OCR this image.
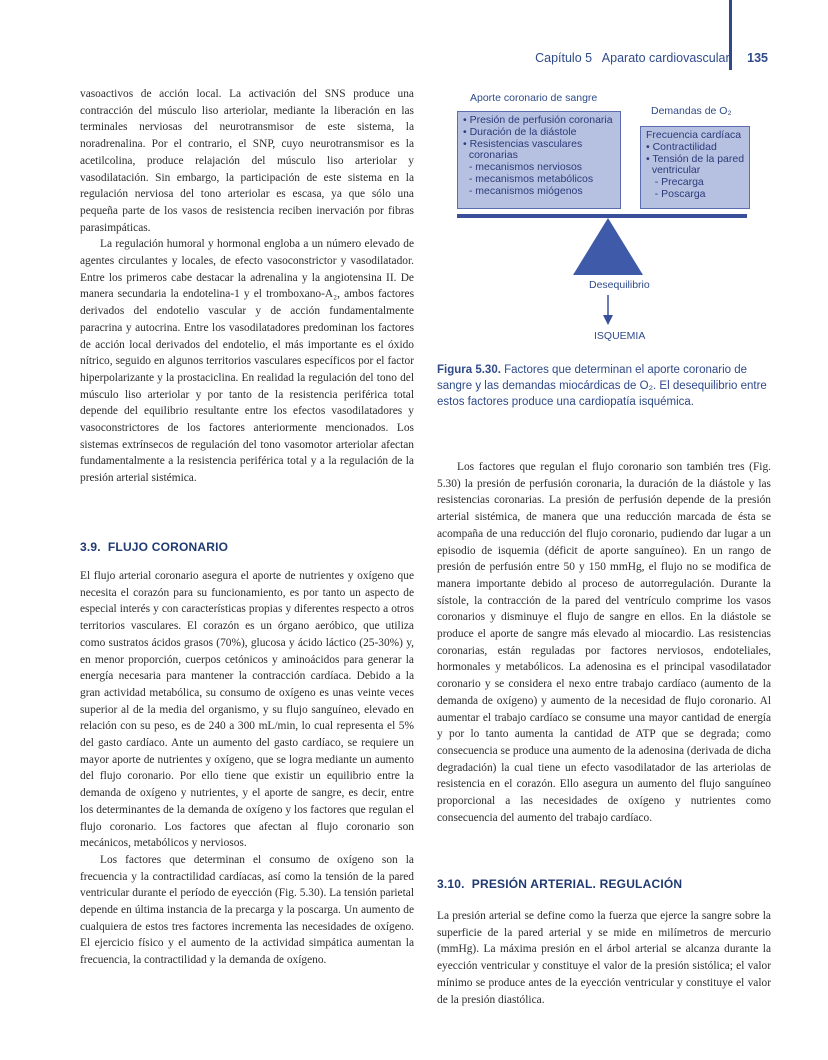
Capítulo 5   Aparato cardiovascular 135

vasoactivos de acción local. La activación del SNS produce una contracción del músculo liso arteriolar, mediante la liberación en las terminales nerviosas del neurotransmisor de este sistema, la noradrenalina. Por el contrario, el SNP, cuyo neurotransmisor es la acetilcolina, produce relajación del músculo liso arteriolar y vasodilatación. Sin embargo, la participación de este sistema en la regulación nerviosa del tono arteriolar es escasa, ya que sólo una pequeña parte de los vasos de resistencia reciben inervación por fibras parasimpáticas.

La regulación humoral y hormonal engloba a un número elevado de agentes circulantes y locales, de efecto vasoconstrictor y vasodilatador. Entre los primeros cabe destacar la adrenalina y la angiotensina II. De manera secundaria la endotelina-1 y el tromboxano-A₂, ambos factores derivados del endotelio vascular y de acción fundamentalmente paracrina y autocrina. Entre los vasodilatadores predominan los factores de acción local derivados del endotelio, el más importante es el óxido nítrico, seguido en algunos territorios vasculares específicos por el factor hiperpolarizante y la prostaciclina. En realidad la regulación del tono del músculo liso arteriolar y por tanto de la resistencia periférica total depende del equilibrio resultante entre los efectos vasodilatadores y vasoconstrictores de los factores anteriormente mencionados. Los sistemas extrínsecos de regulación del tono vasomotor arteriolar afectan fundamentalmente a la resistencia periférica total y a la regulación de la presión arterial sistémica.

3.9.  FLUJO CORONARIO

El flujo arterial coronario asegura el aporte de nutrientes y oxígeno que necesita el corazón para su funcionamiento, es por tanto un aspecto de especial interés y con características propias y diferentes respecto a otros territorios vasculares. El corazón es un órgano aeróbico, que utiliza como sustratos ácidos grasos (70%), glucosa y ácido láctico (25-30%) y, en menor proporción, cuerpos cetónicos y aminoácidos para generar la energía necesaria para mantener la contracción cardíaca. Debido a la gran actividad metabólica, su consumo de oxígeno es unas veinte veces superior al de la media del organismo, y su flujo sanguíneo, elevado en relación con su peso, es de 240 a 300 mL/min, lo cual representa el 5% del gasto cardíaco. Ante un aumento del gasto cardíaco, se requiere un mayor aporte de nutrientes y oxígeno, que se logra mediante un aumento del flujo coronario. Por ello tiene que existir un equilibrio entre la demanda de oxígeno y nutrientes, y el aporte de sangre, es decir, entre los determinantes de la demanda de oxígeno y los factores que regulan el flujo coronario. Los factores que afectan al flujo coronario son mecánicos, metabólicos y nerviosos.

Los factores que determinan el consumo de oxígeno son la frecuencia y la contractilidad cardíacas, así como la tensión de la pared ventricular durante el período de eyección (Fig. 5.30). La tensión parietal depende en última instancia de la precarga y la poscarga. Un aumento de cualquiera de estos tres factores incrementa las necesidades de oxígeno. El ejercicio físico y el aumento de la actividad simpática aumentan la frecuencia, la contractilidad y la demanda de oxígeno.

Aporte coronario de sangre
Demandas de O₂
• Presión de perfusión coronaria
• Duración de la diástole
• Resistencias vasculares
coronarias
- mecanismos nerviosos
- mecanismos metabólicos
- mecanismos miógenos
Frecuencia cardíaca
• Contractilidad
• Tensión de la pared
ventricular
- Precarga
- Poscarga
Desequilibrio
ISQUEMIA
Figura 5.30. Factores que determinan el aporte coronario de sangre y las demandas miocárdicas de O₂. El desequilibrio entre estos factores produce una cardiopatía isquémica.

Los factores que regulan el flujo coronario son también tres (Fig. 5.30) la presión de perfusión coronaria, la duración de la diástole y las resistencias coronarias. La presión de perfusión depende de la presión arterial sistémica, de manera que una reducción marcada de ésta se acompaña de una reducción del flujo coronario, pudiendo dar lugar a un episodio de isquemia (déficit de aporte sanguíneo). En un rango de presión de perfusión entre 50 y 150 mmHg, el flujo no se modifica de manera importante debido al proceso de autorregulación. Durante la sístole, la contracción de la pared del ventrículo comprime los vasos coronarios y disminuye el flujo de sangre en ellos. En la diástole se produce el aporte de sangre más elevado al miocardio. Las resistencias coronarias, están reguladas por factores nerviosos, endoteliales, hormonales y metabólicos. La adenosina es el principal vasodilatador coronario y se considera el nexo entre trabajo cardíaco (aumento de la demanda de oxígeno) y aumento de la necesidad de flujo coronario. Al aumentar el trabajo cardíaco se consume una mayor cantidad de energía y por lo tanto aumenta la cantidad de ATP que se degrada; como consecuencia se produce una aumento de la adenosina (derivada de dicha degradación) la cual tiene un efecto vasodilatador de las arteriolas de resistencia en el corazón. Ello asegura un aumento del flujo sanguíneo proporcional a las necesidades de oxígeno y nutrientes como consecuencia del aumento del trabajo cardíaco.

3.10.  PRESIÓN ARTERIAL. REGULACIÓN

La presión arterial se define como la fuerza que ejerce la sangre sobre la superficie de la pared arterial y se mide en milímetros de mercurio (mmHg). La máxima presión en el árbol arterial se alcanza durante la eyección ventricular y constituye el valor de la presión sistólica; el valor mínimo se produce antes de la eyección ventricular y constituye el valor de la presión diastólica.
